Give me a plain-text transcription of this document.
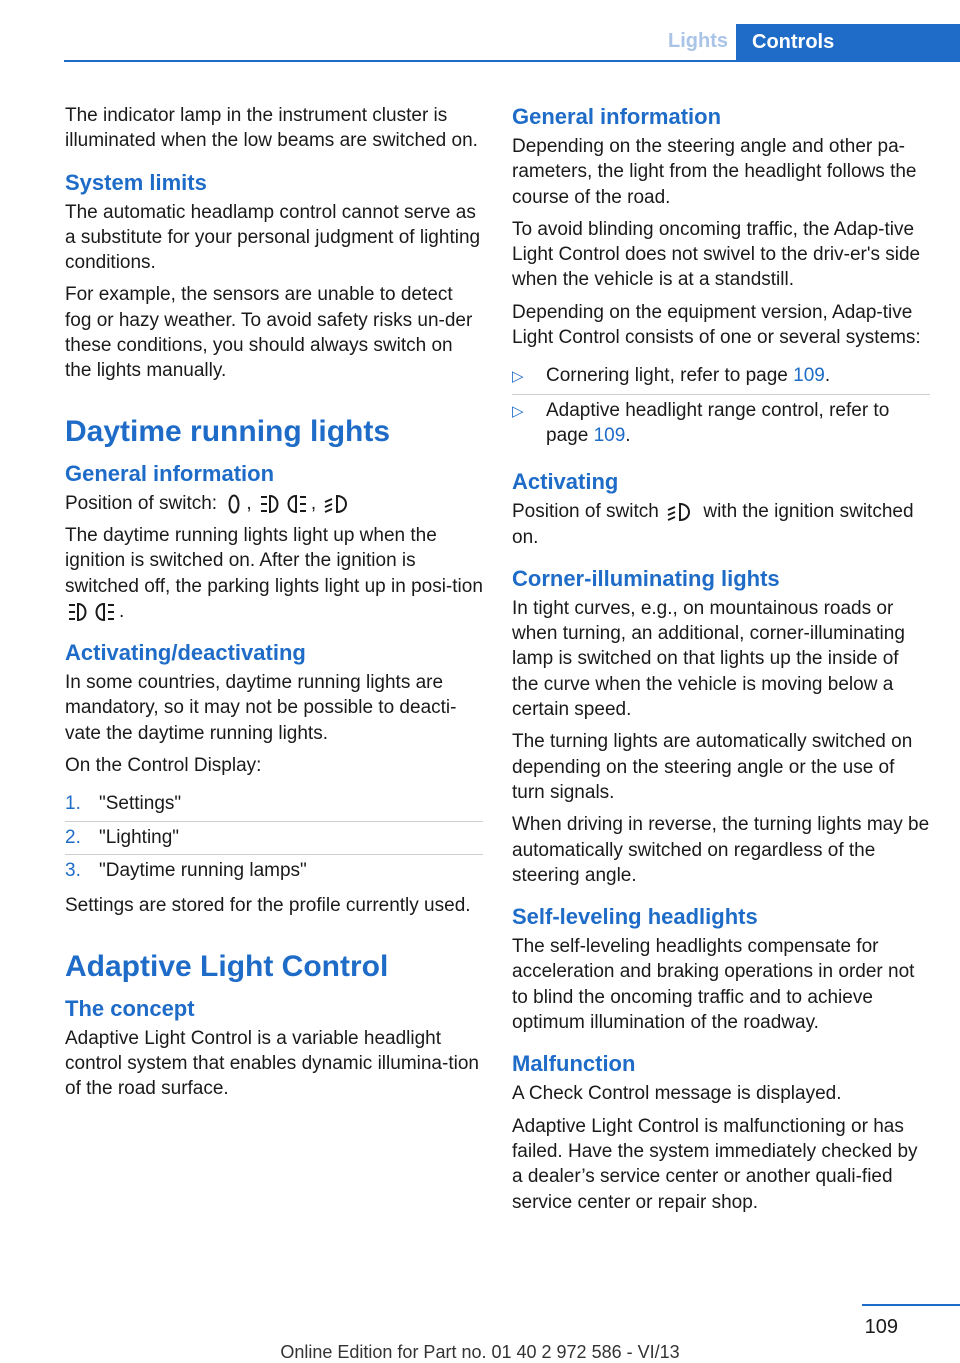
Lights	Controls

The indicator lamp in the instrument cluster is illuminated when the low beams are switched on.

System limits

The automatic headlamp control cannot serve as a substitute for your personal judgment of lighting conditions.

For example, the sensors are unable to detect fog or hazy weather. To avoid safety risks un-der these conditions, you should always switch on the lights manually.

Daytime running lights
General information

Position of switch: ,	,

The daytime running lights light up when the ignition is switched on. After the ignition is switched off, the parking lights light up in posi-tion
.

Activating/deactivating

In some countries, daytime running lights are mandatory, so it may not be possible to deacti-vate the daytime running lights.

On the Control Display:

1. "Settings"
2. "Lighting"
3. "Daytime running lamps"

Settings are stored for the profile currently used.

Adaptive Light Control
The concept

Adaptive Light Control is a variable headlight control system that enables dynamic illumina-tion of the road surface.

General information

Depending on the steering angle and other pa-rameters, the light from the headlight follows the course of the road.

To avoid blinding oncoming traffic, the Adap-tive Light Control does not swivel to the driv-er's side when the vehicle is at a standstill.

Depending on the equipment version, Adap-tive Light Control consists of one or several systems:

▷ Cornering light, refer to page 109.
▷ Adaptive headlight range control, refer to page 109.
Activating

Position of switch with the ignition switched on.

Corner-illuminating lights

In tight curves, e.g., on mountainous roads or when turning, an additional, corner-illuminating lamp is switched on that lights up the inside of the curve when the vehicle is moving below a certain speed.

The turning lights are automatically switched on depending on the steering angle or the use of turn signals.

When driving in reverse, the turning lights may be automatically switched on regardless of the steering angle.

Self-leveling headlights

The self-leveling headlights compensate for acceleration and braking operations in order not to blind the oncoming traffic and to achieve optimum illumination of the roadway.

Malfunction

A Check Control message is displayed.

Adaptive Light Control is malfunctioning or has failed. Have the system immediately checked by a dealer’s service center or another quali-fied service center or repair shop.

109
Online Edition for Part no. 01 40 2 972 586 - VI/13
